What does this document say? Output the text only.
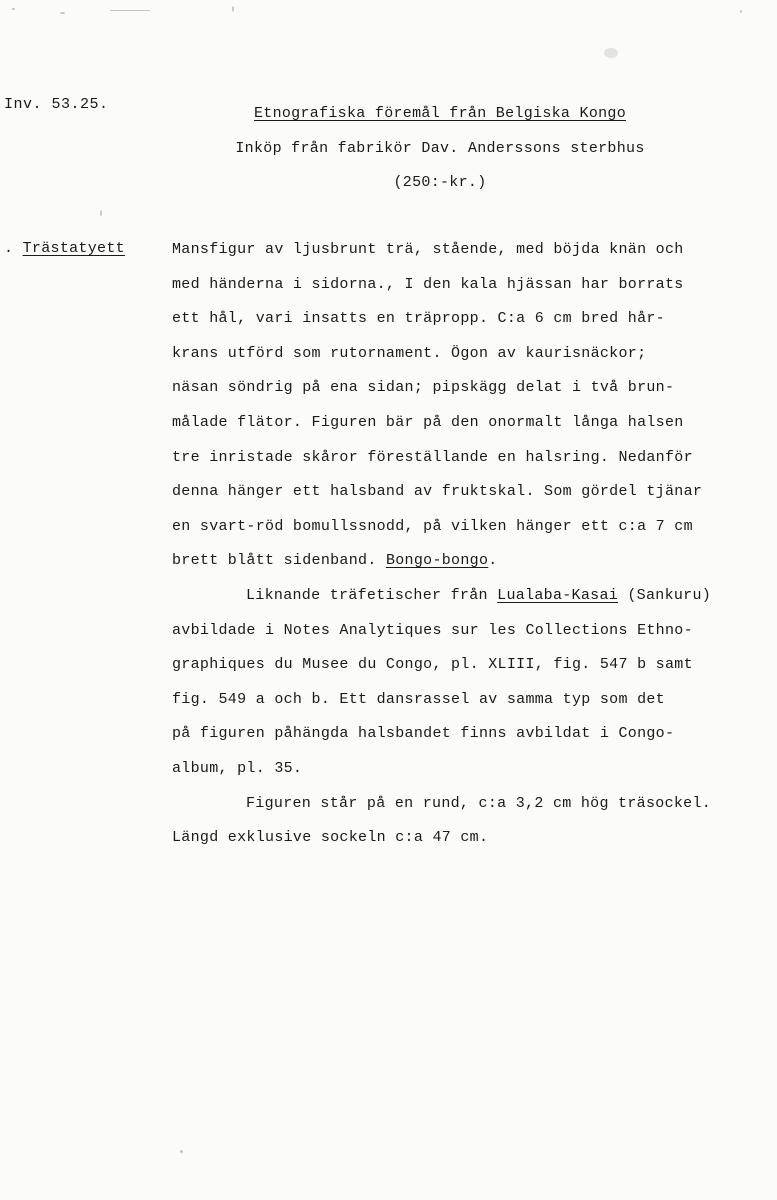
Inv. 53.25.
Etnografiska föremål från Belgiska Kongo
Inköp från fabrikör Dav. Anderssons sterbhus
(250:-kr.)
. Trästatyett	Mansfigur av ljusbrunt trä, stående, med böjda knän och
med händerna i sidorna., I den kala hjässan har borrats
ett hål, vari insatts en träpropp. C:a 6 cm bred hår-
krans utförd som rutornament. Ögon av kaurisnäckor;
näsan söndrig på ena sidan; pipskägg delat i två brun-
målade flätor. Figuren bär på den onormalt långa halsen
tre inristade skåror föreställande en halsring. Nedanför
denna hänger ett halsband av fruktskal. Som gördel tjänar
en svart-röd bomullssnodd, på vilken hänger ett c:a 7 cm
brett blått sidenband. Bongo-bongo.
Liknande träfetischer från Lualaba-Kasai (Sankuru)
avbildade i Notes Analytiques sur les Collections Ethno-
graphiques du Musee du Congo, pl. XLIII, fig. 547 b samt
fig. 549 a och b. Ett dansrassel av samma typ som det
på figuren påhängda halsbandet finns avbildat i Congo-
album, pl. 35.
Figuren står på en rund, c:a 3,2 cm hög träsockel.
Längd exklusive sockeln c:a 47 cm.
